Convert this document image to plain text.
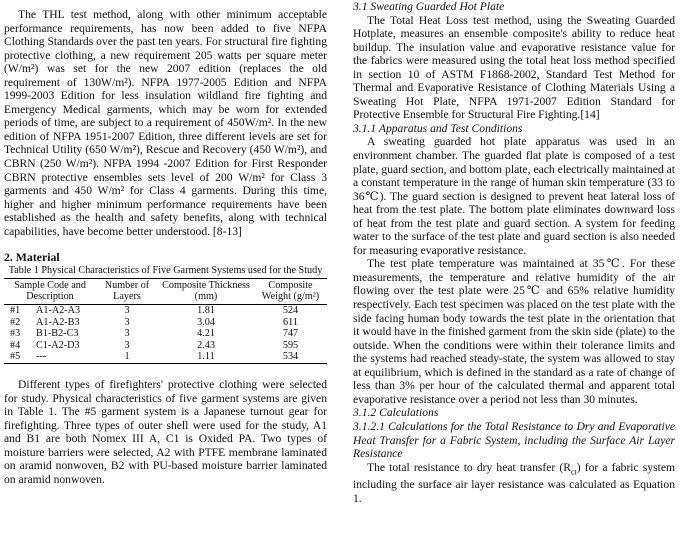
The THL test method, along with other minimum acceptable performance requirements, has now been added to five NFPA Clothing Standards over the past ten years. For structural fire fighting protective clothing, a new requirement 205 watts per square meter (W/m²) was set for the new 2007 edition (replaces the old requirement of 130W/m²). NFPA 1977-2005 Edition and NFPA 1999-2003 Edition for less insulation wildland fire fighting and Emergency Medical garments, which may be worn for extended periods of time, are subject to a requirement of 450W/m². In the new edition of NFPA 1951-2007 Edition, three different levels are set for Technical Utility (650 W/m²), Rescue and Recovery (450 W/m²), and CBRN (250 W/m²). NFPA 1994 -2007 Edition for First Responder CBRN protective ensembles sets level of 200 W/m² for Class 3 garments and 450 W/m² for Class 4 garments. During this time, higher and higher minimum performance requirements have been established as the health and safety benefits, along with technical capabilities, have become better understood. [8-13]

2. Material

Table 1 Physical Characteristics of Five Garment Systems used for the Study

Sample Code and Description	Number of Layers	Composite Thickness (mm)	Composite Weight (g/m²)
#1 A1-A2-A3	3	1.81	524
#2 A1-A2-B3	3	3.04	611
#3 B1-B2-C3	3	4.21	747
#4 C1-A2-D3	3	2.43	595
#5 ---	1	1.11	534

Different types of firefighters' protective clothing were selected for study. Physical characteristics of five garment systems are given in Table 1. The #5 garment system is a Japanese turnout gear for firefighting. Three types of outer shell were used for the study, A1 and B1 are both Nomex III A, C1 is Oxided PA. Two types of moisture barriers were selected, A2 with PTFE membrane laminated on aramid nonwoven, B2 with PU-based moisture barrier laminated on aramid nonwoven.

3.1 Sweating Guarded Hot Plate

The Total Heat Loss test method, using the Sweating Guarded Hotplate, measures an ensemble composite's ability to reduce heat buildup. The insulation value and evaporative resistance value for the fabrics were measured using the total heat loss method specified in section 10 of ASTM F1868-2002, Standard Test Method for Thermal and Evaporative Resistance of Clothing Materials Using a Sweating Hot Plate, NFPA 1971-2007 Edition Standard for Protective Ensemble for Structural Fire Fighting.[14]

3.1.1 Apparatus and Test Conditions

A sweating guarded hot plate apparatus was used in an environment chamber. The guarded flat plate is composed of a test plate, guard section, and bottom plate, each electrically maintained at a constant temperature in the range of human skin temperature (33 to 36℃). The guard section is designed to prevent heat lateral loss of heat from the test plate. The bottom plate eliminates downward loss of heat from the test plate and guard section. A system for feeding water to the surface of the test plate and guard section is also needed for measuring evaporative resistance.

The test plate temperature was maintained at 35℃. For these measurements, the temperature and relative humidity of the air flowing over the test plate were 25℃ and 65% relative humidity respectively. Each test specimen was placed on the test plate with the side facing human body towards the test plate in the orientation that it would have in the finished garment from the skin side (plate) to the outside. When the conditions were within their tolerance limits and the systems had reached steady-state, the system was allowed to stay at equilibrium, which is defined in the standard as a rate of change of less than 3% per hour of the calculated thermal and apparent total evaporative resistance over a period not less than 30 minutes.

3.1.2 Calculations

3.1.2.1 Calculations for the Total Resistance to Dry and Evaporative Heat Transfer for a Fabric System, including the Surface Air Layer Resistance

The total resistance to dry heat transfer $(R_{ct})$ for a fabric system including the surface air layer resistance was calculated as Equation 1.
